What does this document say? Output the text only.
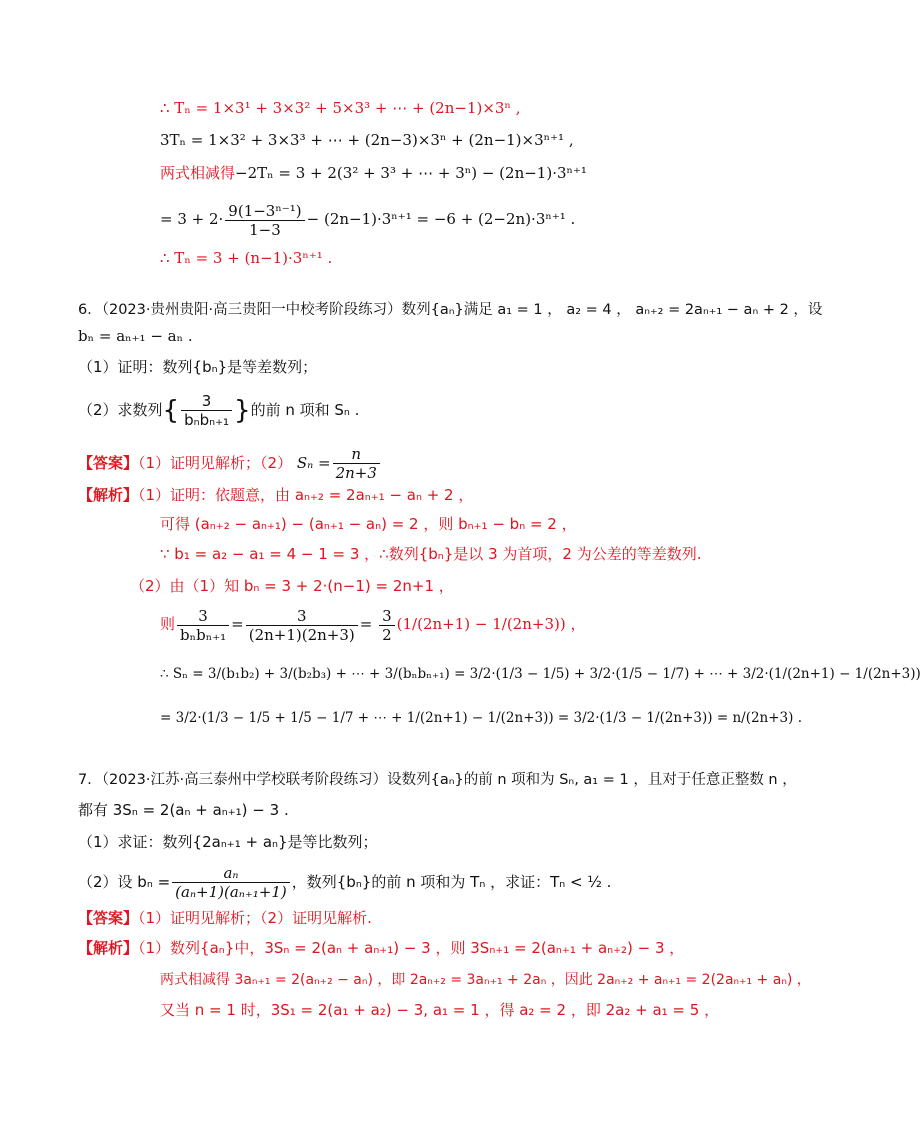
∴ Tₙ = 1×3¹ + 3×3² + 5×3³ + ⋯ + (2n−1)×3ⁿ ,
3Tₙ = 1×3² + 3×3³ + ⋯ + (2n−3)×3ⁿ + (2n−1)×3ⁿ⁺¹ ,
两式相减得−2Tₙ = 3 + 2(3² + 3³ + ⋯ + 3ⁿ) − (2n−1)·3ⁿ⁺¹
= $3 + 2\cdot \frac{\text{9(1−3ⁿ⁻¹)}}{1-3} - (2n-1)\cdot 3^{n+1} = -6 + (2-2n)\cdot 3^{n+1}$ .
∴ Tₙ = 3 + (n−1)·3ⁿ⁺¹ .
6．（2023·贵州贵阳·高三贵阳一中校考阶段练习）数列{aₙ}满足 a₁ = 1 ， a₂ = 4 ， aₙ₊₂ = 2aₙ₊₁ − aₙ + 2 ，设
bₙ = aₙ₊₁ − aₙ .
（1）证明：数列{bₙ}是等差数列；
（2）求数列{ $\frac{3}{\text{bₙbₙ₊₁}}$ }的前 n 项和 Sₙ .
【答案】（1）证明见解析；（2） $S_n = \frac{n}{2n+3}$
【解析】（1）证明：依题意，由 aₙ₊₂ = 2aₙ₊₁ − aₙ + 2 ，
可得 (aₙ₊₂ − aₙ₊₁) − (aₙ₊₁ − aₙ) = 2 ，则 bₙ₊₁ − bₙ = 2 ，
∵ b₁ = a₂ − a₁ = 4 − 1 = 3 ，∴数列{bₙ}是以 3 为首项，2 为公差的等差数列.
（2）由（1）知 bₙ = 3 + 2·(n−1) = 2n+1 ，
则 $\frac{3}{\text{bₙbₙ₊₁}} = \frac{3}{(2n+1)(2n+3)} = \frac{3}{2} (1/(2n+1) - 1/(2n+3))$ ，
∴ Sₙ = 3/(b₁b₂) + 3/(b₂b₃) + ⋯ + 3/(bₙbₙ₊₁) = 3/2·(1/3 − 1/5) + 3/2·(1/5 − 1/7) + ⋯ + 3/2·(1/(2n+1) − 1/(2n+3))
= 3/2·(1/3 − 1/5 + 1/5 − 1/7 + ⋯ + 1/(2n+1) − 1/(2n+3)) = 3/2·(1/3 − 1/(2n+3)) = n/(2n+3) .
7．（2023·江苏·高三泰州中学校联考阶段练习）设数列{aₙ}的前 n 项和为 Sₙ, a₁ = 1 ，且对于任意正整数 n ，
都有 3Sₙ = 2(aₙ + aₙ₊₁) − 3 .
（1）求证：数列{2aₙ₊₁ + aₙ}是等比数列；
（2）设 $b_n = \frac{\text{aₙ}}{\text{(aₙ+1)(aₙ₊₁+1)}}$ ，数列{bₙ}的前 n 项和为 Tₙ ，求证：Tₙ < ½ .
【答案】（1）证明见解析；（2）证明见解析.
【解析】（1）数列{aₙ}中，3Sₙ = 2(aₙ + aₙ₊₁) − 3 ，则 3Sₙ₊₁ = 2(aₙ₊₁ + aₙ₊₂) − 3 ，
两式相减得 3aₙ₊₁ = 2(aₙ₊₂ − aₙ) ，即 2aₙ₊₂ = 3aₙ₊₁ + 2aₙ ，因此 2aₙ₊₂ + aₙ₊₁ = 2(2aₙ₊₁ + aₙ) ，
又当 n = 1 时，3S₁ = 2(a₁ + a₂) − 3, a₁ = 1 ，得 a₂ = 2 ，即 2a₂ + a₁ = 5 ，
